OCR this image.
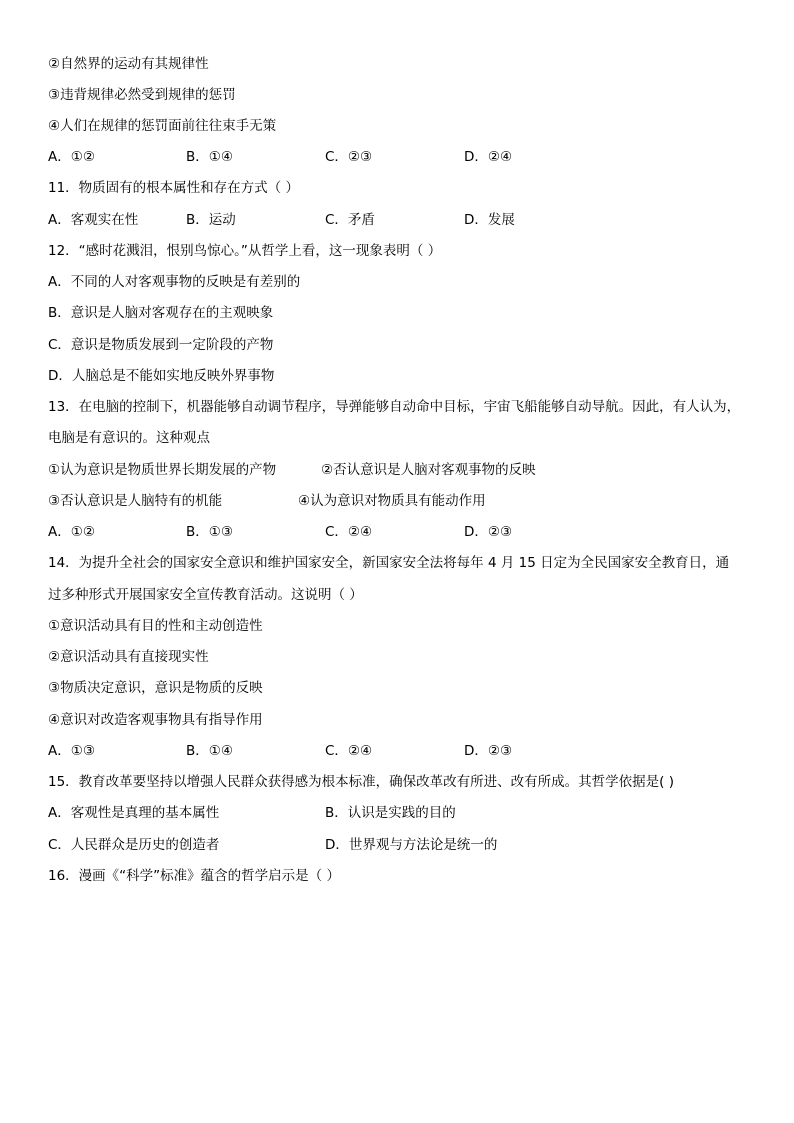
②自然界的运动有其规律性
③违背规律必然受到规律的惩罚
④人们在规律的惩罚面前往往束手无策
A．①②	B．①④	C．②③	D．②④
11．物质固有的根本属性和存在方式（ ）
A．客观实在性	B．运动	C．矛盾	D．发展
12．“感时花溅泪，恨别鸟惊心。”从哲学上看，这一现象表明（ ）
A．不同的人对客观事物的反映是有差别的
B．意识是人脑对客观存在的主观映象
C．意识是物质发展到一定阶段的产物
D．人脑总是不能如实地反映外界事物
13．在电脑的控制下，机器能够自动调节程序，导弹能够自动命中目标，宇宙飞船能够自动导航。因此，有人认为，
电脑是有意识的。这种观点
①认为意识是物质世界长期发展的产物	②否认意识是人脑对客观事物的反映
③否认意识是人脑特有的机能	④认为意识对物质具有能动作用
A．①②	B．①③	C．②④	D．②③
14．为提升全社会的国家安全意识和维护国家安全，新国家安全法将每年 4 月 15 日定为全民国家安全教育日，通
过多种形式开展国家安全宣传教育活动。这说明（ ）
①意识活动具有目的性和主动创造性
②意识活动具有直接现实性
③物质决定意识，意识是物质的反映
④意识对改造客观事物具有指导作用
A．①③	B．①④	C．②④	D．②③
15．教育改革要坚持以增强人民群众获得感为根本标准，确保改革改有所进、改有所成。其哲学依据是( )
A．客观性是真理的基本属性	B．认识是实践的目的
C．人民群众是历史的创造者	D．世界观与方法论是统一的
16．漫画《“科学”标准》蕴含的哲学启示是（ ）
